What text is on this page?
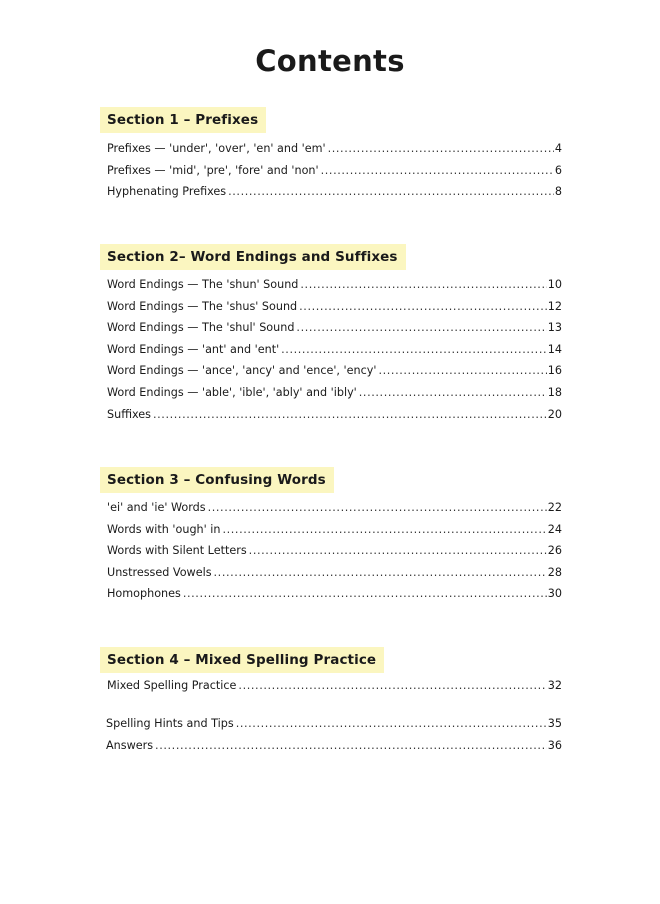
Contents
Section 1 – Prefixes
Prefixes — 'under', 'over', 'en' and 'em' .....	4
Prefixes — 'mid', 'pre', 'fore' and 'non' .....	6
Hyphenating Prefixes .....	8
Section 2– Word Endings and Suffixes
Word Endings — The 'shun' Sound .....	10
Word Endings — The 'shus' Sound .....	12
Word Endings — The 'shul' Sound .....	13
Word Endings — 'ant' and 'ent' .....	14
Word Endings — 'ance', 'ancy' and 'ence', 'ency' .....	16
Word Endings — 'able', 'ible', 'ably' and 'ibly' .....	18
Suffixes .....	20
Section 3 – Confusing Words
'ei' and 'ie' Words .....	22
Words with 'ough' in .....	24
Words with Silent Letters .....	26
Unstressed Vowels .....	28
Homophones .....	30
Section 4 – Mixed Spelling Practice
Mixed Spelling Practice .....	32
Spelling Hints and Tips .....	35
Answers .....	36
